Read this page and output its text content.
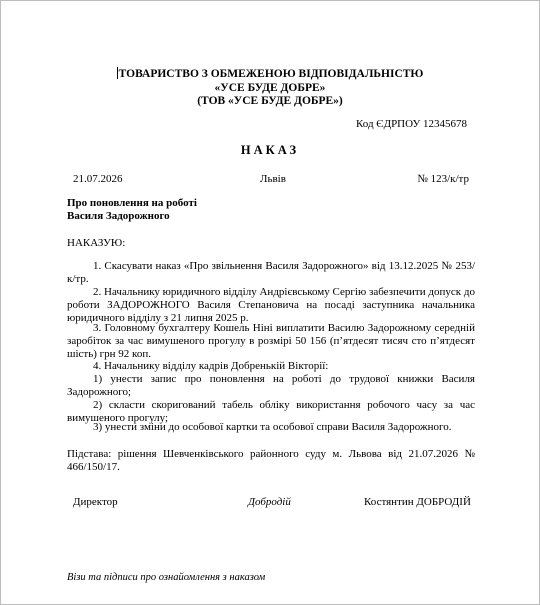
ТОВАРИСТВО З ОБМЕЖЕНОЮ ВІДПОВІДАЛЬНІСТЮ
«УСЕ БУДЕ ДОБРЕ»
(ТОВ «УСЕ БУДЕ ДОБРЕ»)
Код ЄДРПОУ 12345678
НАКАЗ
21.07.2026	Львів	№ 123/к/тр
Про поновлення на роботі
Василя Задорожного
НАКАЗУЮ:

1. Скасувати наказ «Про звільнення Василя Задорожного» від 13.12.2025 № 253/к/тр.

2. Начальнику юридичного відділу Андрієвському Сергію забезпечити допуск до роботи ЗАДОРОЖНОГО Василя Степановича на посаді заступника начальника юридичного відділу з 21 липня 2025 р.

3. Головному бухгалтеру Кошель Ніні виплатити Василю Задорожному середній заробіток за час вимушеного прогулу в розмірі 50 156 (п’ятдесят тисяч сто п’ятдесят шість) грн 92 коп.

4. Начальнику відділу кадрів Добренькій Вікторії:

1) унести запис про поновлення на роботі до трудової книжки Василя Задорожного;

2) скласти скоригований табель обліку використання робочого часу за час вимушеного прогулу;

3) унести зміни до особової картки та особової справи Василя Задорожного.

Підстава: рішення Шевченківського районного суду м. Львова від 21.07.2026 № 466/150/17.
Директор	Добродій	Костянтин ДОБРОДІЙ
Візи та підписи про ознайомлення з наказом
